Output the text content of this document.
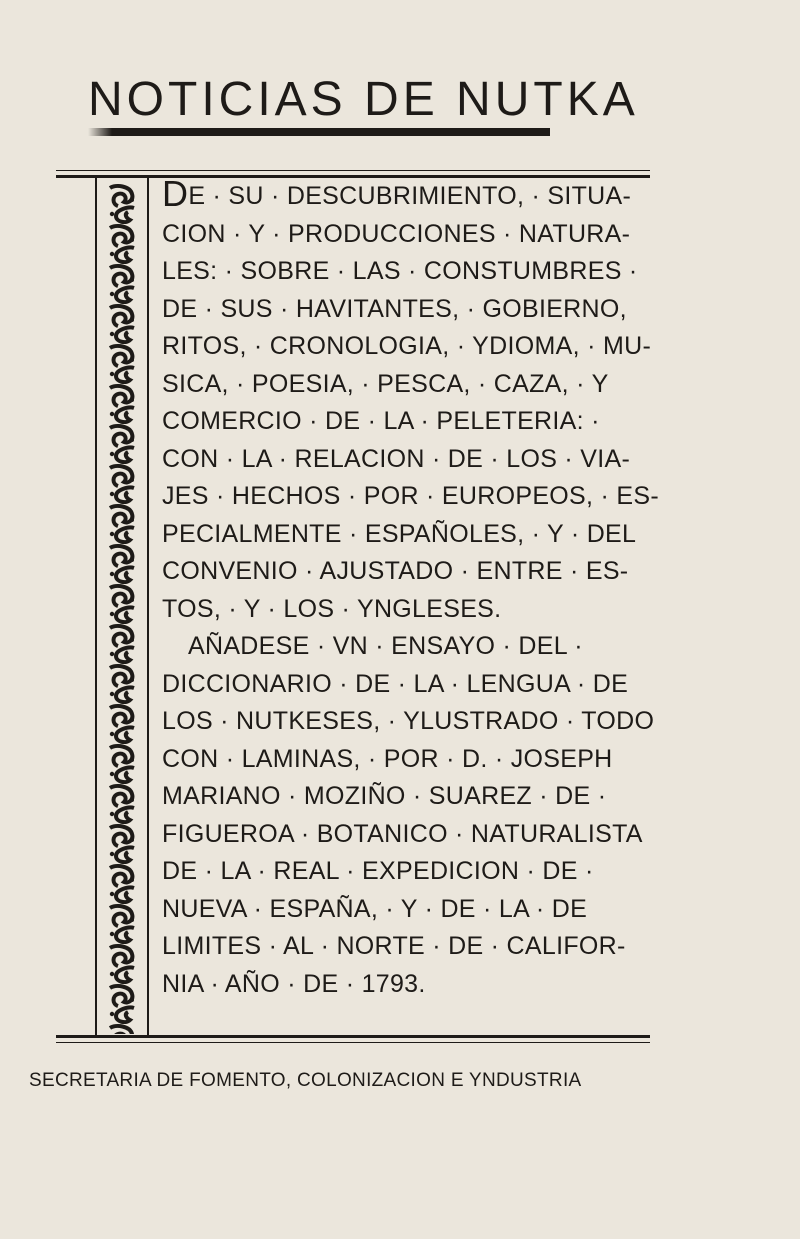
NOTICIAS DE NUTKA

DE · SU · DESCUBRIMIENTO, · SITUA-

CION · Y · PRODUCCIONES · NATURA-

LES: · SOBRE · LAS · CONSTUMBRES ·

DE · SUS · HAVITANTES, · GOBIERNO,

RITOS, · CRONOLOGIA, · YDIOMA, · MU-

SICA, · POESIA, · PESCA, · CAZA, · Y

COMERCIO · DE · LA · PELETERIA: ·

CON · LA · RELACION · DE · LOS · VIA-

JES · HECHOS · POR · EUROPEOS, · ES-

PECIALMENTE · ESPAÑOLES, · Y · DEL

CONVENIO · AJUSTADO · ENTRE · ES-

TOS, · Y · LOS · YNGLESES.

AÑADESE · VN · ENSAYO · DEL ·

DICCIONARIO · DE · LA · LENGUA · DE

LOS · NUTKESES, · YLUSTRADO · TODO

CON · LAMINAS, · POR · D. · JOSEPH

MARIANO · MOZIÑO · SUAREZ · DE ·

FIGUEROA · BOTANICO · NATURALISTA

DE · LA · REAL · EXPEDICION · DE ·

NUEVA · ESPAÑA, · Y · DE · LA · DE

LIMITES · AL · NORTE · DE · CALIFOR-

NIA · AÑO · DE · 1793.

SECRETARIA DE FOMENTO, COLONIZACION E YNDUSTRIA
